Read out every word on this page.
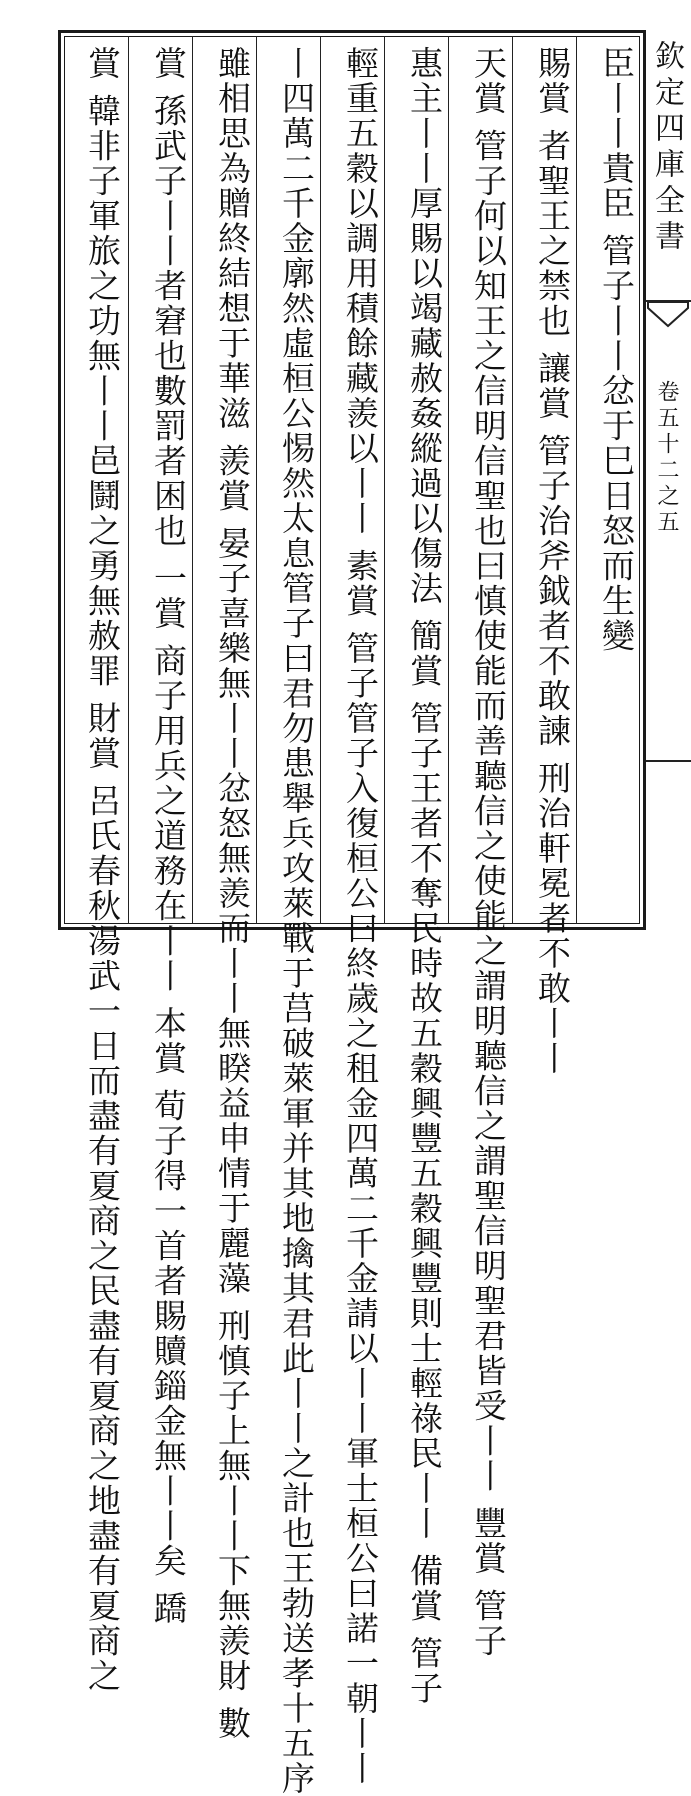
臣丨丨貴臣 管子丨丨忿于巳日怒而生變
賜賞 者聖王之禁也 讓賞 管子治斧鉞者不敢諫 刑治軒冕者不敢丨丨
天賞 管子何以知王之信明信聖也曰慎使能而善聽信之使能之謂明聽信之謂聖信明聖君皆受丨丨 豐賞 管子
惠主丨丨厚賜以竭藏赦姦縱過以傷法 簡賞 管子王者不奪民時故五穀興豐五穀興豐則士輕祿民丨丨 備賞 管子
輕重五穀以調用積餘藏羨以丨丨 素賞 管子管子入復桓公曰終歲之租金四萬二千金請以丨丨軍士桓公曰諾一朝丨丨
丨四萬二千金廓然虛桓公惕然太息管子曰君勿患舉兵攻萊戰于莒破萊軍并其地擒其君此丨丨之計也王勃送孝十五序
雖相思為贈終結想于華滋 羨賞 晏子喜樂無丨丨忿怒無羨而丨丨無睽益申情于麗藻 刑慎子上無丨丨下無羨財 數
賞 孫武子丨丨者窘也數罰者困也 一賞 商子用兵之道務在丨丨 本賞 荀子得一首者賜贖錙金無丨丨矣 蹻
賞 韓非子軍旅之功無丨丨邑鬪之勇無赦罪 財賞 呂氏春秋湯武一日而盡有夏商之民盡有夏商之地盡有夏商之	欽定四庫全書
卷五十二之五
